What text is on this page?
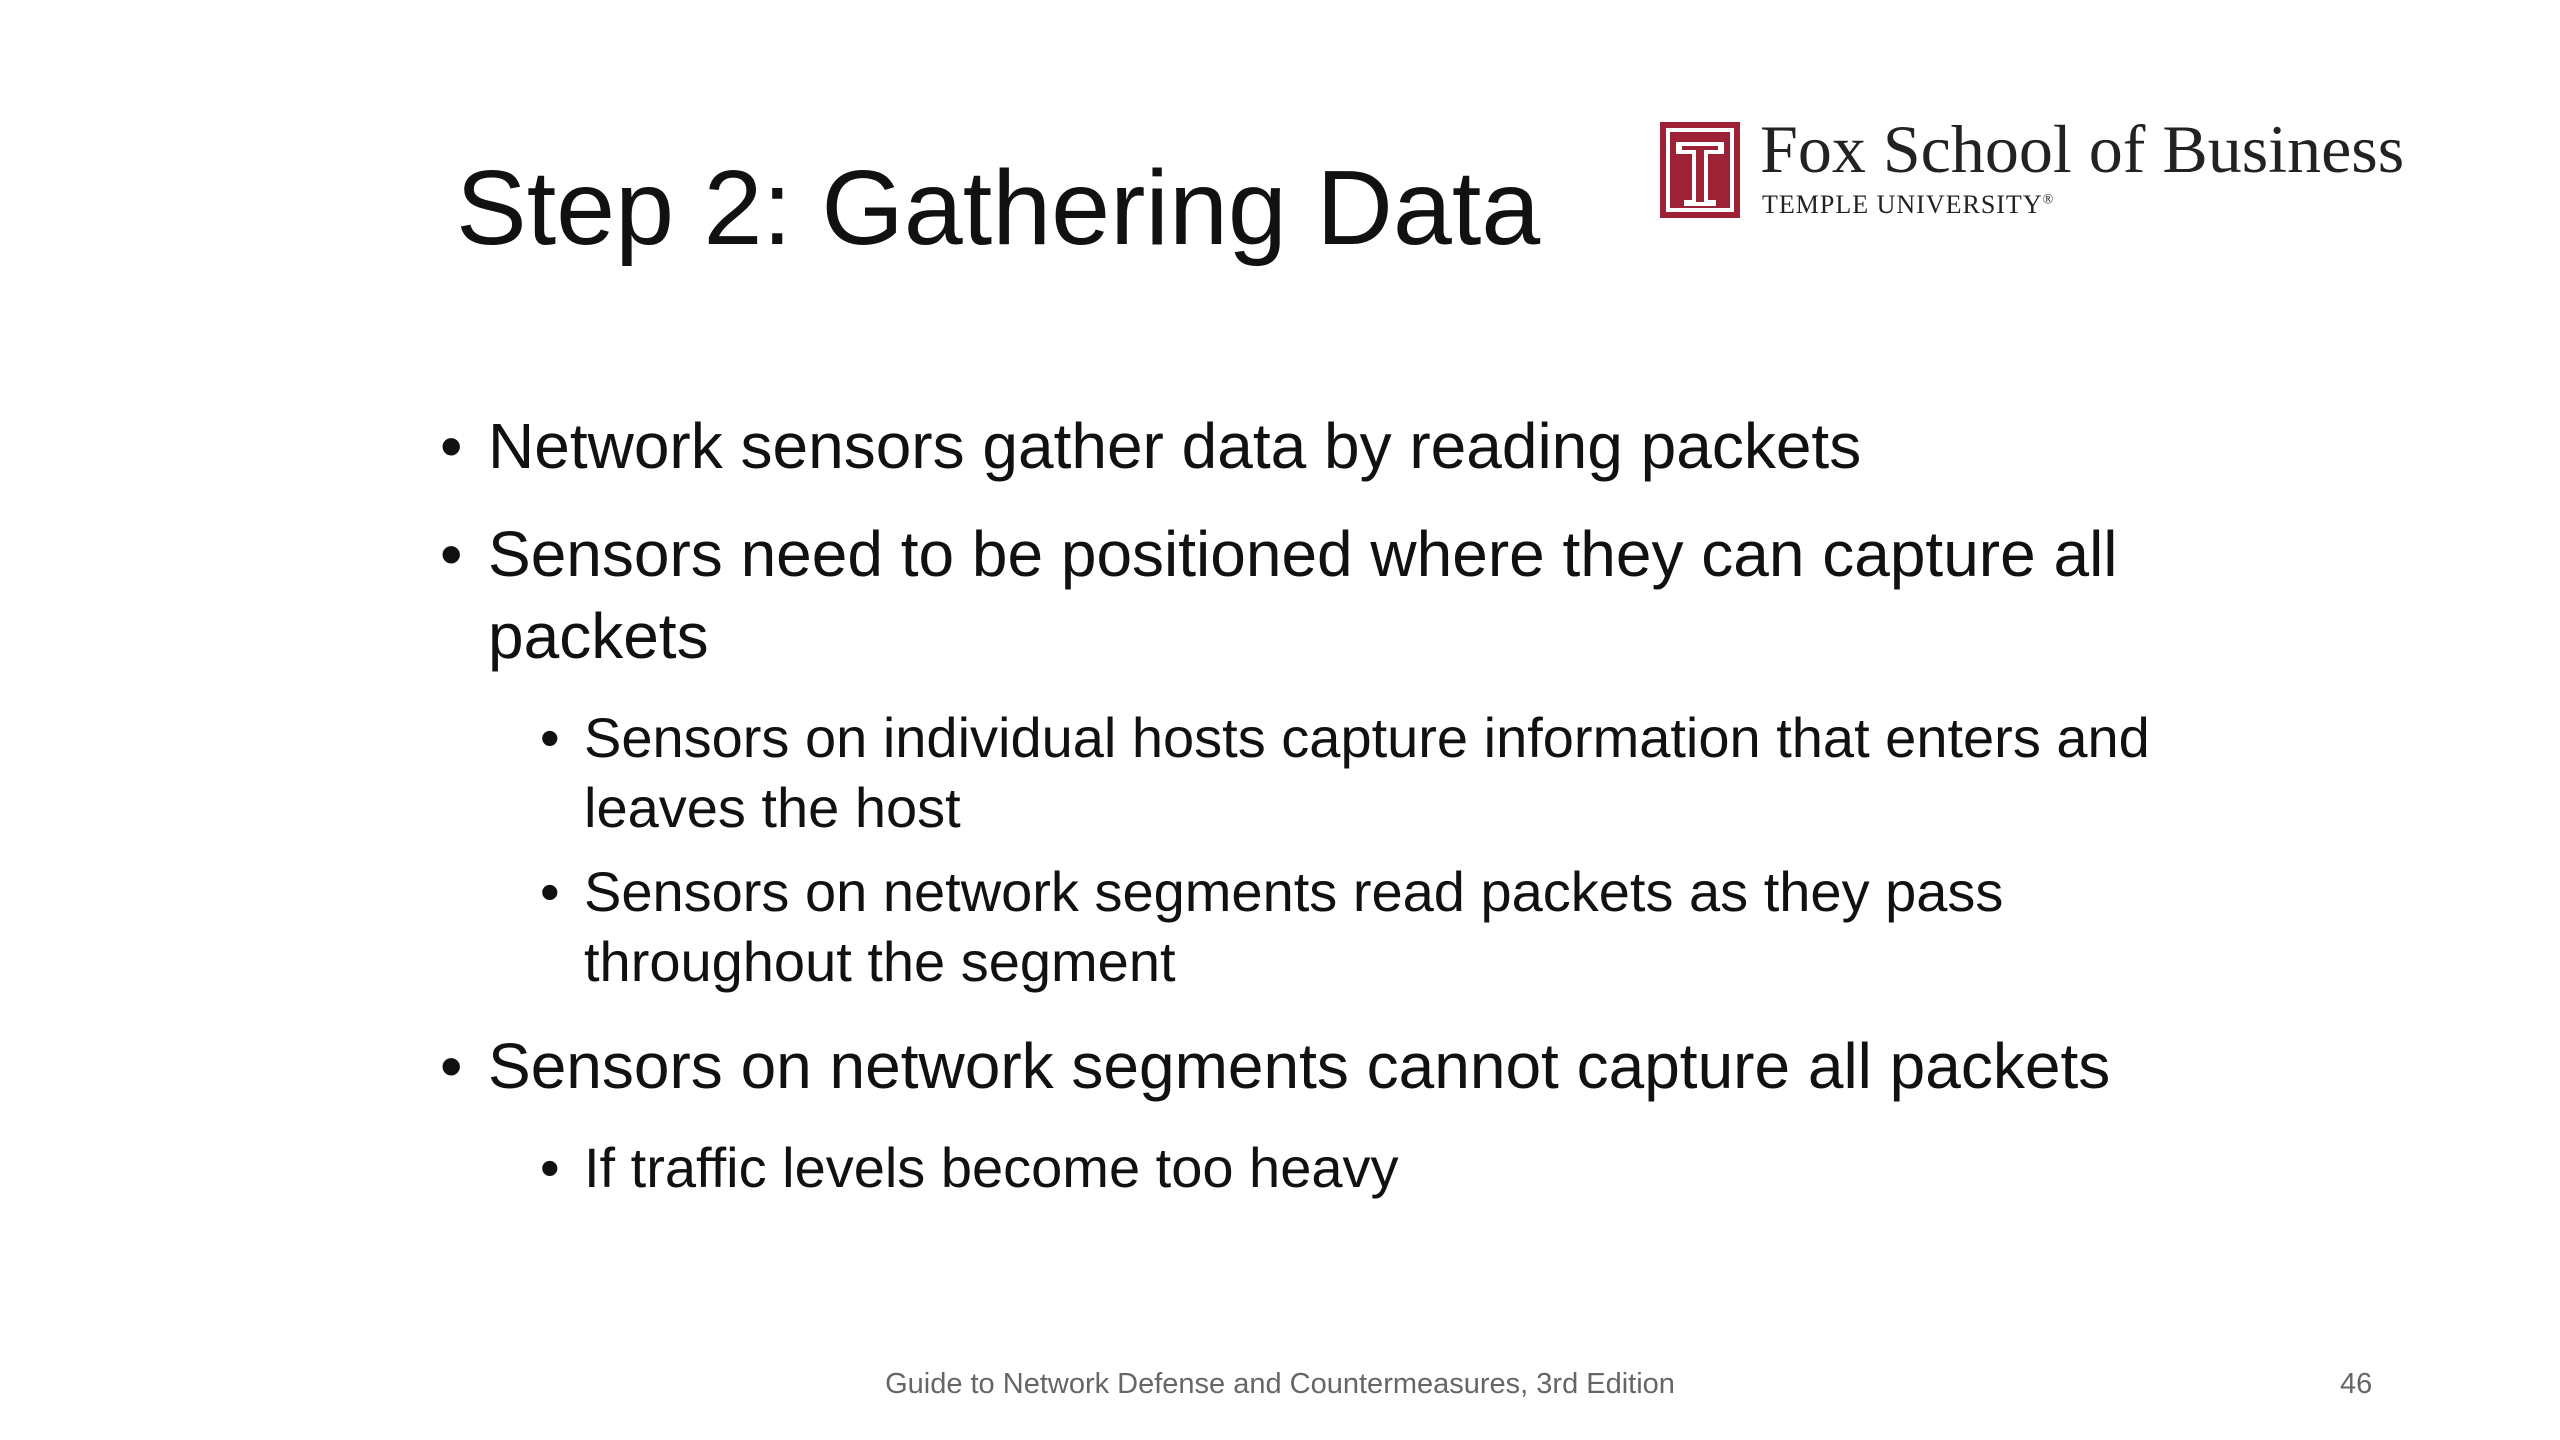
Step 2: Gathering Data	Fox School of Business
TEMPLE UNIVERSITY®

• Network sensors gather data by reading packets

• Sensors need to be positioned where they can capture all packets

• Sensors on individual hosts capture information that enters and leaves the host

• Sensors on network segments read packets as they pass throughout the segment

• Sensors on network segments cannot capture all packets

• If traffic levels become too heavy

Guide to Network Defense and Countermeasures, 3rd Edition	46
